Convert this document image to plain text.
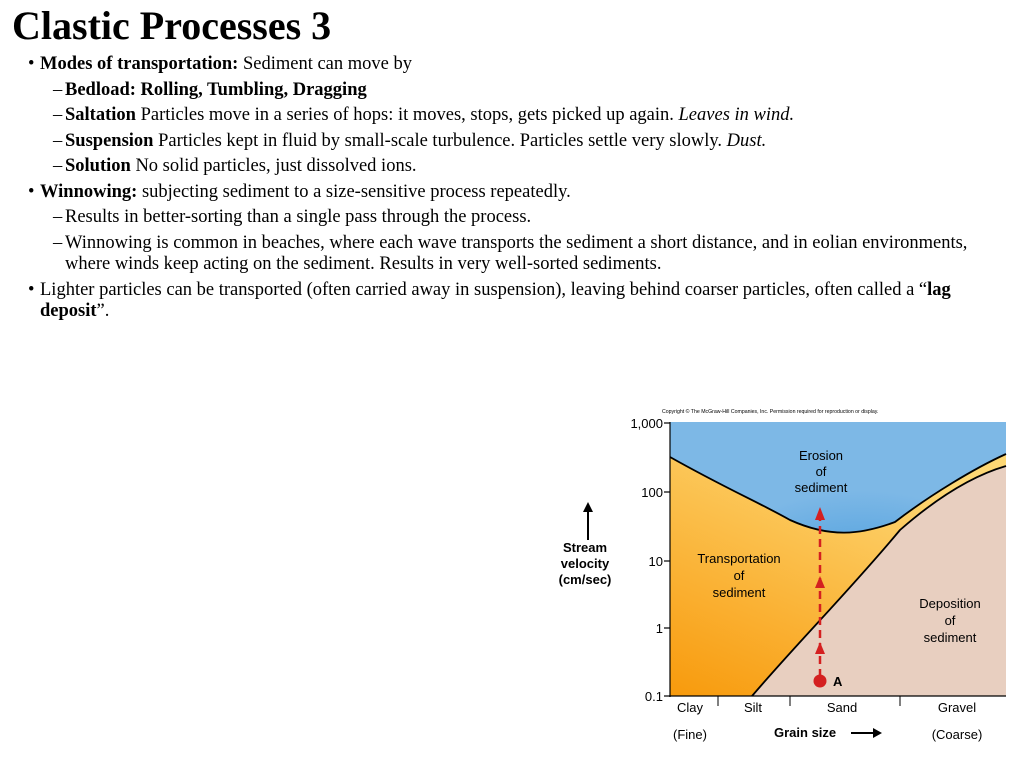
Clastic Processes 3
• Modes of transportation: Sediment can move by
– Bedload: Rolling, Tumbling, Dragging
– Saltation Particles move in a series of hops: it moves, stops, gets picked up again. Leaves in wind.
– Suspension Particles kept in fluid by small-scale turbulence. Particles settle very slowly. Dust.
– Solution No solid particles, just dissolved ions.
• Winnowing: subjecting sediment to a size-sensitive process repeatedly.
– Results in better-sorting than a single pass through the process.
– Winnowing is common in beaches, where each wave transports the sediment a short distance, and in eolian environments, where winds keep acting on the sediment. Results in very well-sorted sediments.
• Lighter particles can be transported (often carried away in suspension), leaving behind coarser particles, often called a “lag deposit”.
Copyright © The McGraw-Hill Companies, Inc. Permission required for reproduction or display.
1,000
100
10
1
0.1
Stream
velocity
(cm/sec)
Clay	Silt	Sand	Gravel
(Fine)	(Coarse)
Grain size
Erosion
of
sediment
Transportation
of
sediment
Deposition
of
sediment
A
